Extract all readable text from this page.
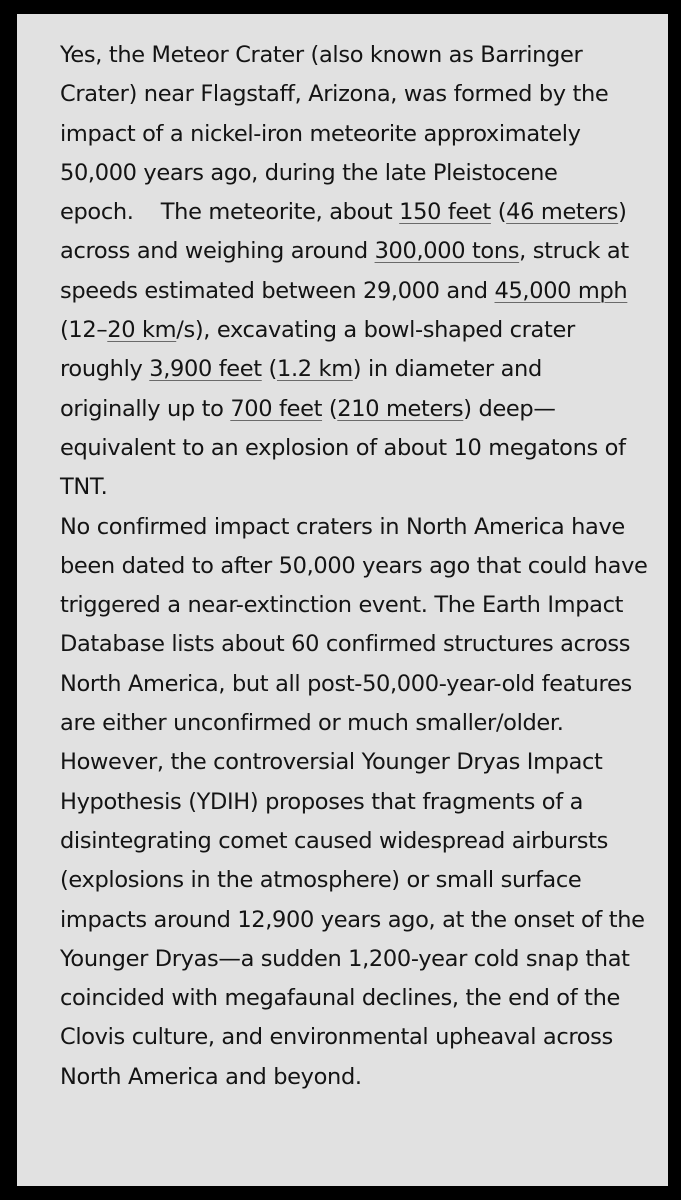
Yes, the Meteor Crater (also known as Barringer Crater) near Flagstaff, Arizona, was formed by the impact of a nickel-iron meteorite approximately 50,000 years ago, during the late Pleistocene epoch.    The meteorite, about 150 feet (46 meters) across and weighing around 300,000 tons, struck at speeds estimated between 29,000 and 45,000 mph (12–20 km/s), excavating a bowl-shaped crater roughly 3,900 feet (1.2 km) in diameter and originally up to 700 feet (210 meters) deep—equivalent to an explosion of about 10 megatons of TNT.

No confirmed impact craters in North America have been dated to after 50,000 years ago that could have triggered a near-extinction event. The Earth Impact Database lists about 60 confirmed structures across North America, but all post-50,000-year-old features are either unconfirmed or much smaller/older. However, the controversial Younger Dryas Impact Hypothesis (YDIH) proposes that fragments of a disintegrating comet caused widespread airbursts (explosions in the atmosphere) or small surface impacts around 12,900 years ago, at the onset of the Younger Dryas—a sudden 1,200-year cold snap that coincided with megafaunal declines, the end of the Clovis culture, and environmental upheaval across North America and beyond.
